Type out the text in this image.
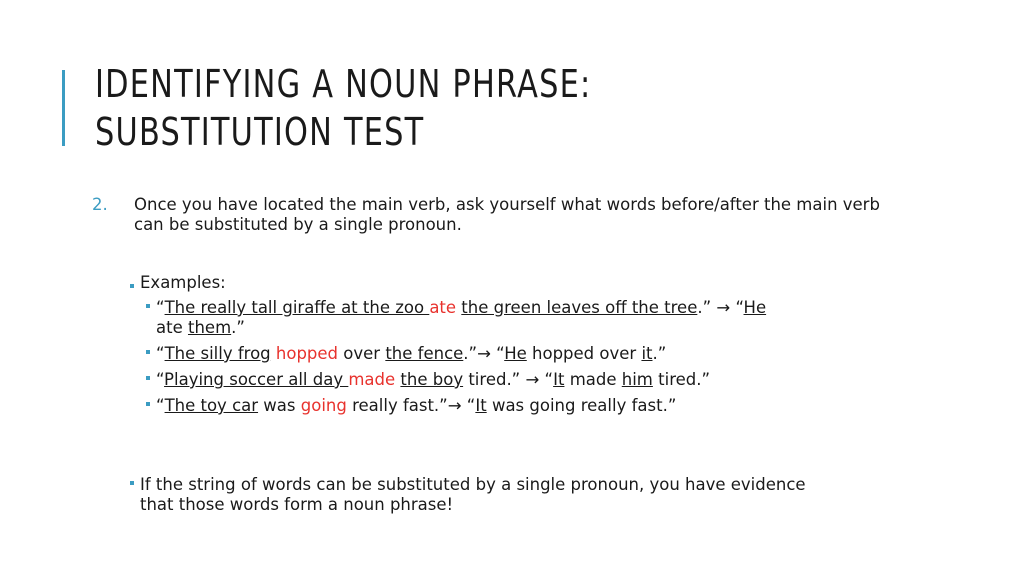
IDENTIFYING A NOUN PHRASE: SUBSTITUTION TEST
2. Once you have located the main verb, ask yourself what words before/after the main verb can be substituted by a single pronoun.
Examples:
“The really tall giraffe at the zoo ate the green leaves off the tree.” → “He
ate them.”
“The silly frog hopped over the fence.”→ “He hopped over it.”
“Playing soccer all day made the boy tired.” → “It made him tired.”
“The toy car was going really fast.”→ “It was going really fast.”
If the string of words can be substituted by a single pronoun, you have evidence
that those words form a noun phrase!
